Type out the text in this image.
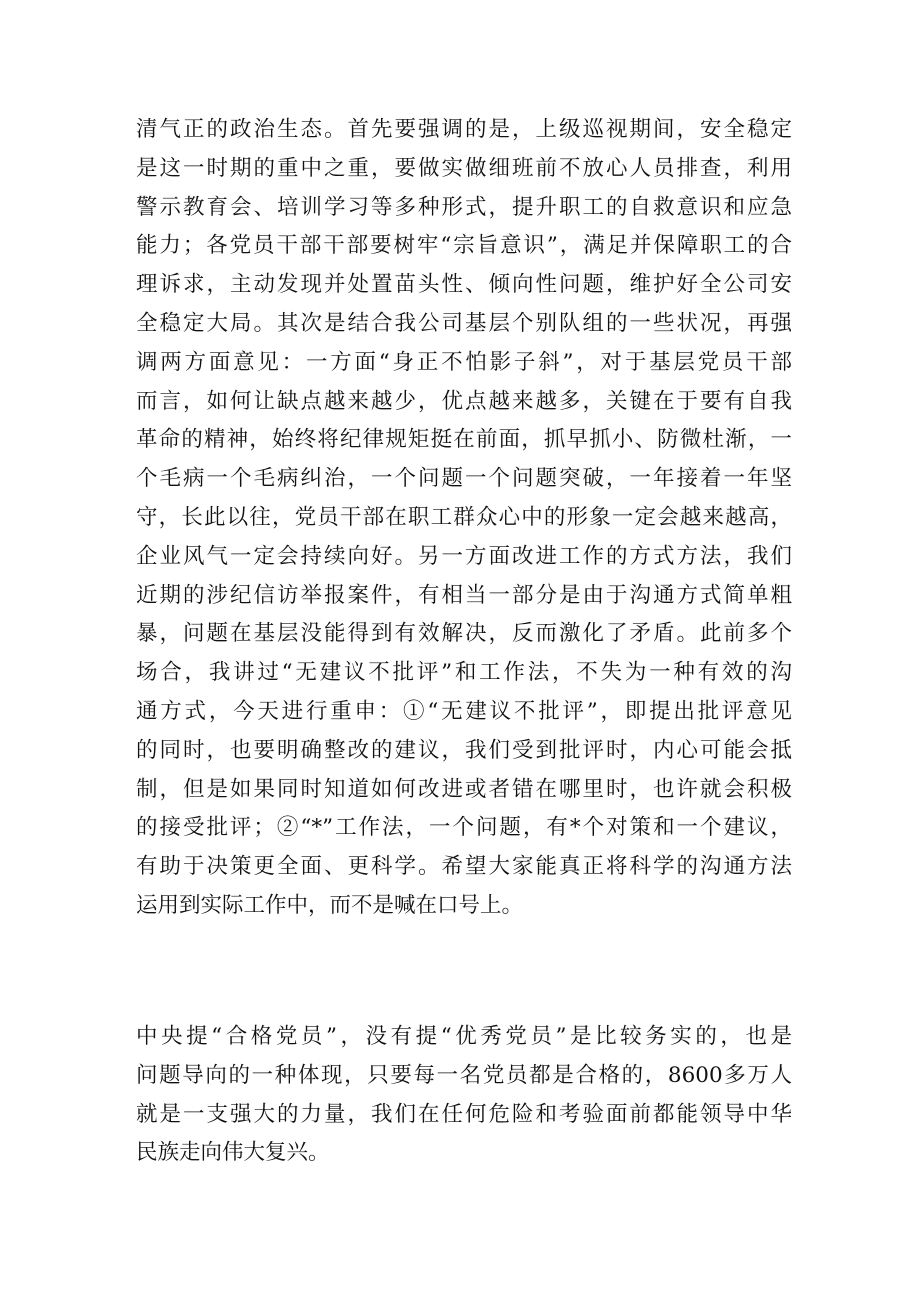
清气正的政治生态。首先要强调的是，上级巡视期间，安全稳定
是这一时期的重中之重，要做实做细班前不放心人员排查，利用
警示教育会、培训学习等多种形式，提升职工的自救意识和应急
能力；各党员干部干部要树牢“宗旨意识”，满足并保障职工的合
理诉求，主动发现并处置苗头性、倾向性问题，维护好全公司安
全稳定大局。其次是结合我公司基层个别队组的一些状况，再强
调两方面意见：一方面“身正不怕影子斜”，对于基层党员干部
而言，如何让缺点越来越少，优点越来越多，关键在于要有自我
革命的精神，始终将纪律规矩挺在前面，抓早抓小、防微杜渐，一
个毛病一个毛病纠治，一个问题一个问题突破，一年接着一年坚
守，长此以往，党员干部在职工群众心中的形象一定会越来越高，
企业风气一定会持续向好。另一方面改进工作的方式方法，我们
近期的涉纪信访举报案件，有相当一部分是由于沟通方式简单粗
暴，问题在基层没能得到有效解决，反而激化了矛盾。此前多个
场合，我讲过“无建议不批评”和工作法，不失为一种有效的沟
通方式，今天进行重申：①“无建议不批评”，即提出批评意见
的同时，也要明确整改的建议，我们受到批评时，内心可能会抵
制，但是如果同时知道如何改进或者错在哪里时，也许就会积极
的接受批评；②“*”工作法，一个问题，有*个对策和一个建议，
有助于决策更全面、更科学。希望大家能真正将科学的沟通方法
运用到实际工作中，而不是喊在口号上。
中央提“合格党员”，没有提“优秀党员”是比较务实的，也是
问题导向的一种体现，只要每一名党员都是合格的，8600多万人
就是一支强大的力量，我们在任何危险和考验面前都能领导中华
民族走向伟大复兴。
